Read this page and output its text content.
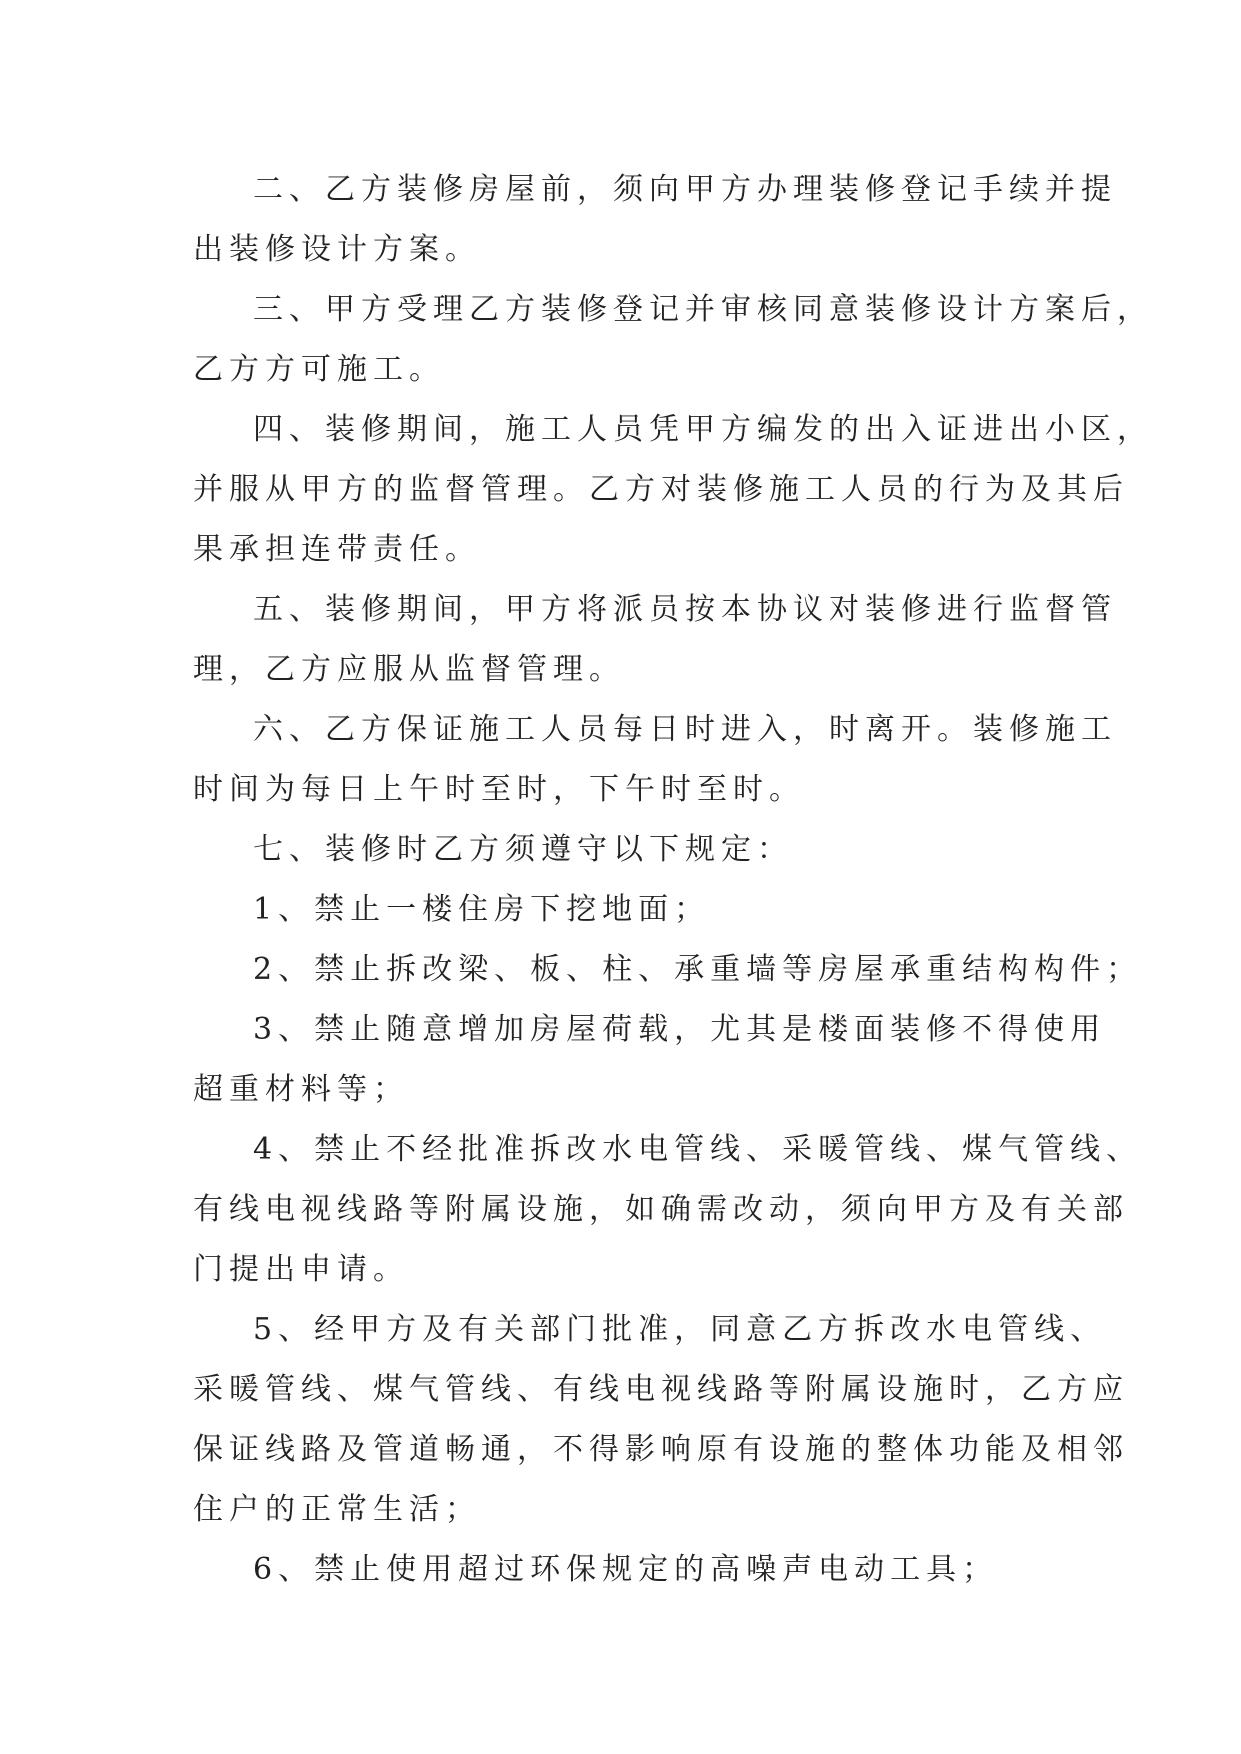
二、乙方装修房屋前，须向甲方办理装修登记手续并提
出装修设计方案。
三、甲方受理乙方装修登记并审核同意装修设计方案后，
乙方方可施工。
四、装修期间，施工人员凭甲方编发的出入证进出小区，
并服从甲方的监督管理。乙方对装修施工人员的行为及其后
果承担连带责任。
五、装修期间，甲方将派员按本协议对装修进行监督管
理，乙方应服从监督管理。
六、乙方保证施工人员每日时进入，时离开。装修施工
时间为每日上午时至时，下午时至时。
七、装修时乙方须遵守以下规定：
1、禁止一楼住房下挖地面；
2、禁止拆改梁、板、柱、承重墙等房屋承重结构构件；
3、禁止随意增加房屋荷载，尤其是楼面装修不得使用
超重材料等；
4、禁止不经批准拆改水电管线、采暖管线、煤气管线、
有线电视线路等附属设施，如确需改动，须向甲方及有关部
门提出申请。
5、经甲方及有关部门批准，同意乙方拆改水电管线、
采暖管线、煤气管线、有线电视线路等附属设施时，乙方应
保证线路及管道畅通，不得影响原有设施的整体功能及相邻
住户的正常生活；
6、禁止使用超过环保规定的高噪声电动工具；
